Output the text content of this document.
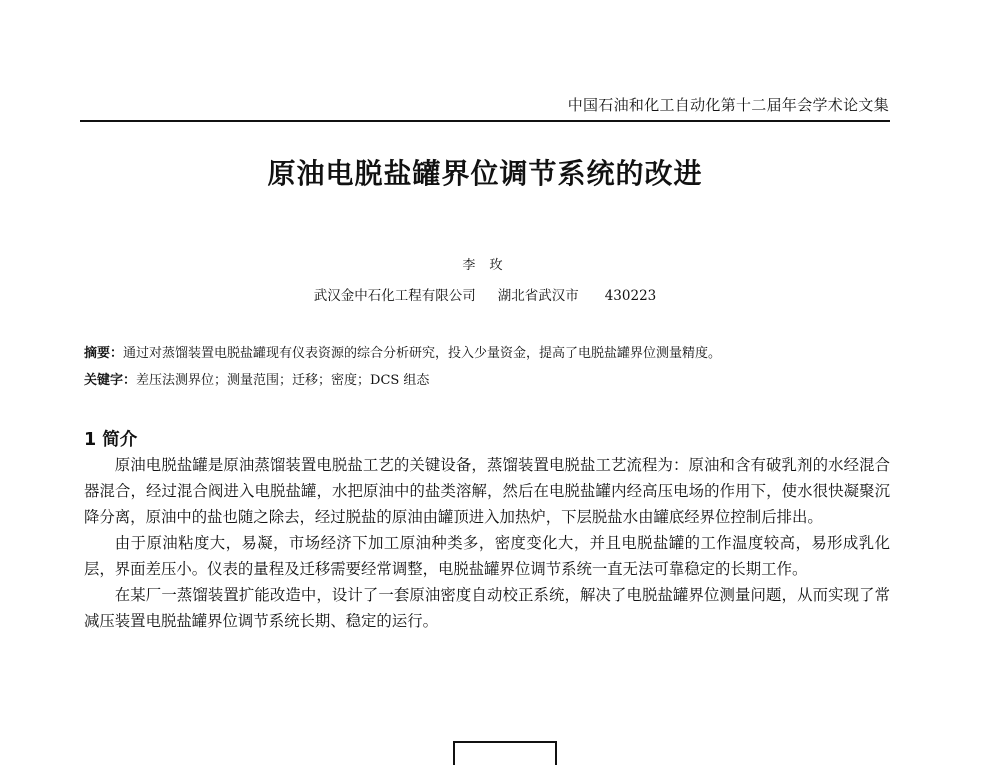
中国石油和化工自动化第十二届年会学术论文集
原油电脱盐罐界位调节系统的改进
李 玫
武汉金中石化工程有限公司 湖北省武汉市 430223
摘要：通过对蒸馏装置电脱盐罐现有仪表资源的综合分析研究，投入少量资金，提高了电脱盐罐界位测量精度。
关键字：差压法测界位；测量范围；迁移；密度；DCS 组态
1 简介

原油电脱盐罐是原油蒸馏装置电脱盐工艺的关键设备，蒸馏装置电脱盐工艺流程为：原油和含有破乳剂的水经混合器混合，经过混合阀进入电脱盐罐，水把原油中的盐类溶解，然后在电脱盐罐内经高压电场的作用下，使水很快凝聚沉降分离，原油中的盐也随之除去，经过脱盐的原油由罐顶进入加热炉，下层脱盐水由罐底经界位控制后排出。

由于原油粘度大，易凝，市场经济下加工原油种类多，密度变化大，并且电脱盐罐的工作温度较高，易形成乳化层，界面差压小。仪表的量程及迁移需要经常调整，电脱盐罐界位调节系统一直无法可靠稳定的长期工作。

在某厂一蒸馏装置扩能改造中，设计了一套原油密度自动校正系统，解决了电脱盐罐界位测量问题，从而实现了常减压装置电脱盐罐界位调节系统长期、稳定的运行。
